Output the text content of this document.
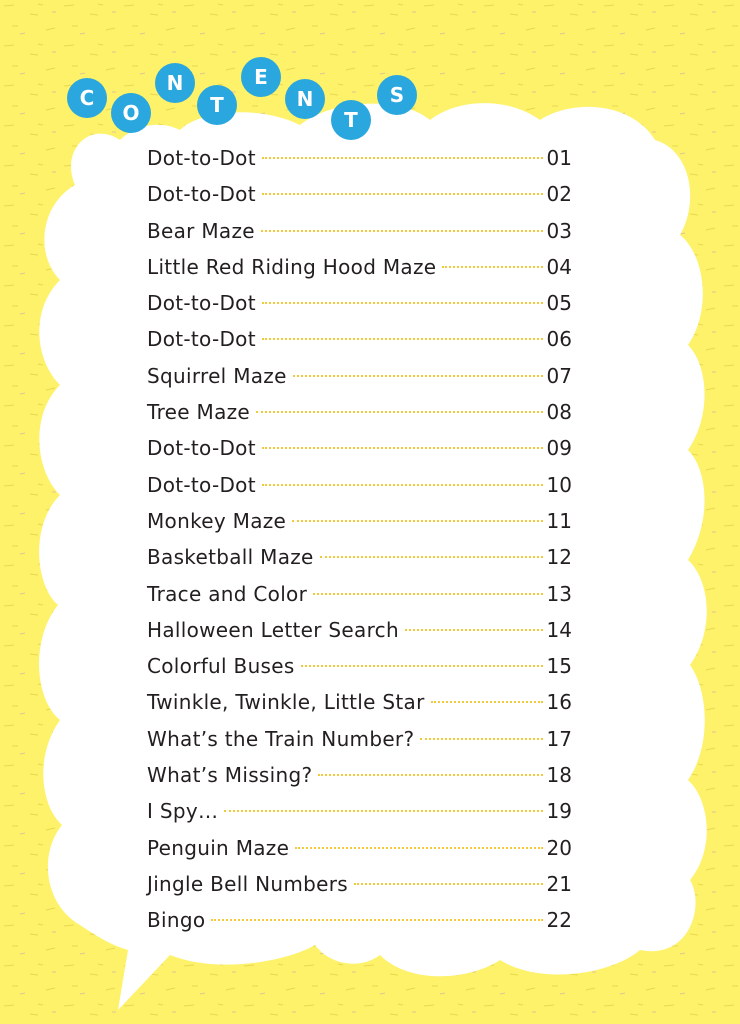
C
O
N
T
E
N
T
S
Dot-to-Dot	01
Dot-to-Dot	02
Bear Maze	03
Little Red Riding Hood Maze	04
Dot-to-Dot	05
Dot-to-Dot	06
Squirrel Maze	07
Tree Maze	08
Dot-to-Dot	09
Dot-to-Dot	10
Monkey Maze	11
Basketball Maze	12
Trace and Color	13
Halloween Letter Search	14
Colorful Buses	15
Twinkle, Twinkle, Little Star	16
What’s the Train Number?	17
What’s Missing?	18
I Spy…	19
Penguin Maze	20
Jingle Bell Numbers	21
Bingo	22
